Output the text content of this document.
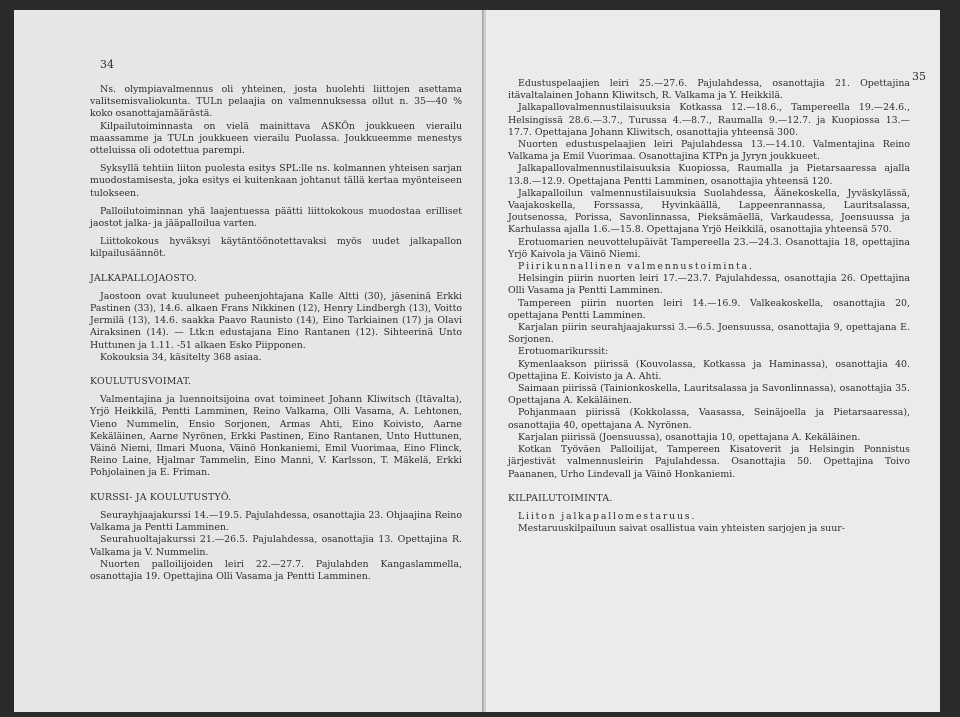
34

Ns. olympiavalmennus oli yhteinen, josta huolehti liittojen asettama valitsemisvaliokunta. TULn pelaajia on valmennuksessa ollut n. 35—40 % koko osanottajamäärästä.

Kilpailutoiminnasta on vielä mainittava ASKÖn joukkueen vierailu maassamme ja TULn joukkueen vierailu Puolassa. Joukkueemme menestys otteluissa oli odotettua parempi.

Syksyllä tehtiin liiton puolesta esitys SPL:lle ns. kolmannen yhteisen sarjan muodostamisesta, joka esitys ei kuitenkaan johtanut tällä kertaa myönteiseen tulokseen.

Palloilutoiminnan yhä laajentuessa päätti liittokokous muodostaa erilliset jaostot jalka- ja jääpalloilua varten.

Liittokokous hyväksyi käytäntöönotettavaksi myös uudet jalkapallon kilpailusäännöt.

JALKAPALLOJAOSTO.

Jaostoon ovat kuuluneet puheenjohtajana Kalle Altti (30), jäseninä Erkki Pastinen (33), 14.6. alkaen Frans Nikkinen (12), Henry Lindbergh (13), Voitto Jermilä (13), 14.6. saakka Paavo Raunisto (14), Eino Tarkiainen (17) ja Olavi Airaksinen (14). — Ltk:n edustajana Eino Rantanen (12). Sihteerinä Unto Huttunen ja 1.11. -51 alkaen Esko Piipponen.

Kokouksia 34, käsitelty 368 asiaa.

KOULUTUSVOIMAT.

Valmentajina ja luennoitsijoina ovat toimineet Johann Kliwitsch (Itävalta), Yrjö Heikkilä, Pentti Lamminen, Reino Valkama, Olli Vasama, A. Lehtonen, Vieno Nummelin, Ensio Sorjonen, Armas Ahti, Eino Koivisto, Aarne Kekäläinen, Aarne Nyrönen, Erkki Pastinen, Eino Rantanen, Unto Huttunen, Väinö Niemi, Ilmari Muona, Väinö Honkaniemi, Emil Vuorimaa, Eino Flinck, Reino Laine, Hjalmar Tammelin, Eino Manni, V. Karlsson, T. Mäkelä, Erkki Pohjolainen ja E. Friman.

KURSSI- JA KOULUTUSTYÖ.

Seurayhjaajakurssi 14.—19.5. Pajulahdessa, osanottajia 23. Ohjaajina Reino Valkama ja Pentti Lamminen.

Seurahuoltajakurssi 21.—26.5. Pajulahdessa, osanottajia 13. Opettajina R. Valkama ja V. Nummelin.

Nuorten palloilijoiden leiri 22.—27.7. Pajulahden Kangaslammella, osanottajia 19. Opettajina Olli Vasama ja Pentti Lamminen.

35

Edustuspelaajien leiri 25.—27.6. Pajulahdessa, osanottajia 21. Opettajina itävaltalainen Johann Kliwitsch, R. Valkama ja Y. Heikkilä.

Jalkapallovalmennustilaisuuksia Kotkassa 12.—18.6., Tampereella 19.—24.6., Helsingissä 28.6.—3.7., Turussa 4.—8.7., Raumalla 9.—12.7. ja Kuopiossa 13.—17.7. Opettajana Johann Kliwitsch, osanottajia yhteensä 300.

Nuorten edustuspelaajien leiri Pajulahdessa 13.—14.10. Valmentajina Reino Valkama ja Emil Vuorimaa. Osanottajina KTPn ja Jyryn joukkueet.

Jalkapallovalmennustilaisuuksia Kuopiossa, Raumalla ja Pietarsaaressa ajalla 13.8.—12.9. Opettajana Pentti Lamminen, osanottajia yhteensä 120.

Jalkapalloilun valmennustilaisuuksia Suolahdessa, Äänekoskella, Jyväskylässä, Vaajakoskella, Forssassa, Hyvinkäällä, Lappeenrannassa, Lauritsalassa, Joutsenossa, Porissa, Savonlinnassa, Pieksämäellä, Varkaudessa, Joensuussa ja Karhulassa ajalla 1.6.—15.8. Opettajana Yrjö Heikkilä, osanottajia yhteensä 570.

Erotuomarien neuvottelupäivät Tampereella 23.—24.3. Osanottajia 18, opettajina Yrjö Kaivola ja Väinö Niemi.

Piirikunnallinen valmennustoiminta.

Helsingin piirin nuorten leiri 17.—23.7. Pajulahdessa, osanottajia 26. Opettajina Olli Vasama ja Pentti Lamminen.

Tampereen piirin nuorten leiri 14.—16.9. Valkeakoskella, osanottajia 20, opettajana Pentti Lamminen.

Karjalan piirin seurahjaajakurssi 3.—6.5. Joensuussa, osanottajia 9, opettajana E. Sorjonen.

Erotuomarikurssit:

Kymenlaakson piirissä (Kouvolassa, Kotkassa ja Haminassa), osanottajia 40. Opettajina E. Koivisto ja A. Ahti.

Saimaan piirissä (Tainionkoskella, Lauritsalassa ja Savonlinnassa), osanottajia 35. Opettajana A. Kekäläinen.

Pohjanmaan piirissä (Kokkolassa, Vaasassa, Seinäjoella ja Pietarsaaressa), osanottajia 40, opettajana A. Nyrönen.

Karjalan piirissä (Joensuussa), osanottajia 10, opettajana A. Kekäläinen.

Kotkan Työväen Palloilijat, Tampereen Kisatoverit ja Helsingin Ponnistus järjestivät valmennusleirin Pajulahdessa. Osanottajia 50. Opettajina Toivo Paananen, Urho Lindevall ja Väinö Honkaniemi.

KILPAILUTOIMINTA.

Liiton jalkapallomestaruus.

Mestaruuskilpailuun saivat osallistua vain yhteisten sarjojen ja suur-
